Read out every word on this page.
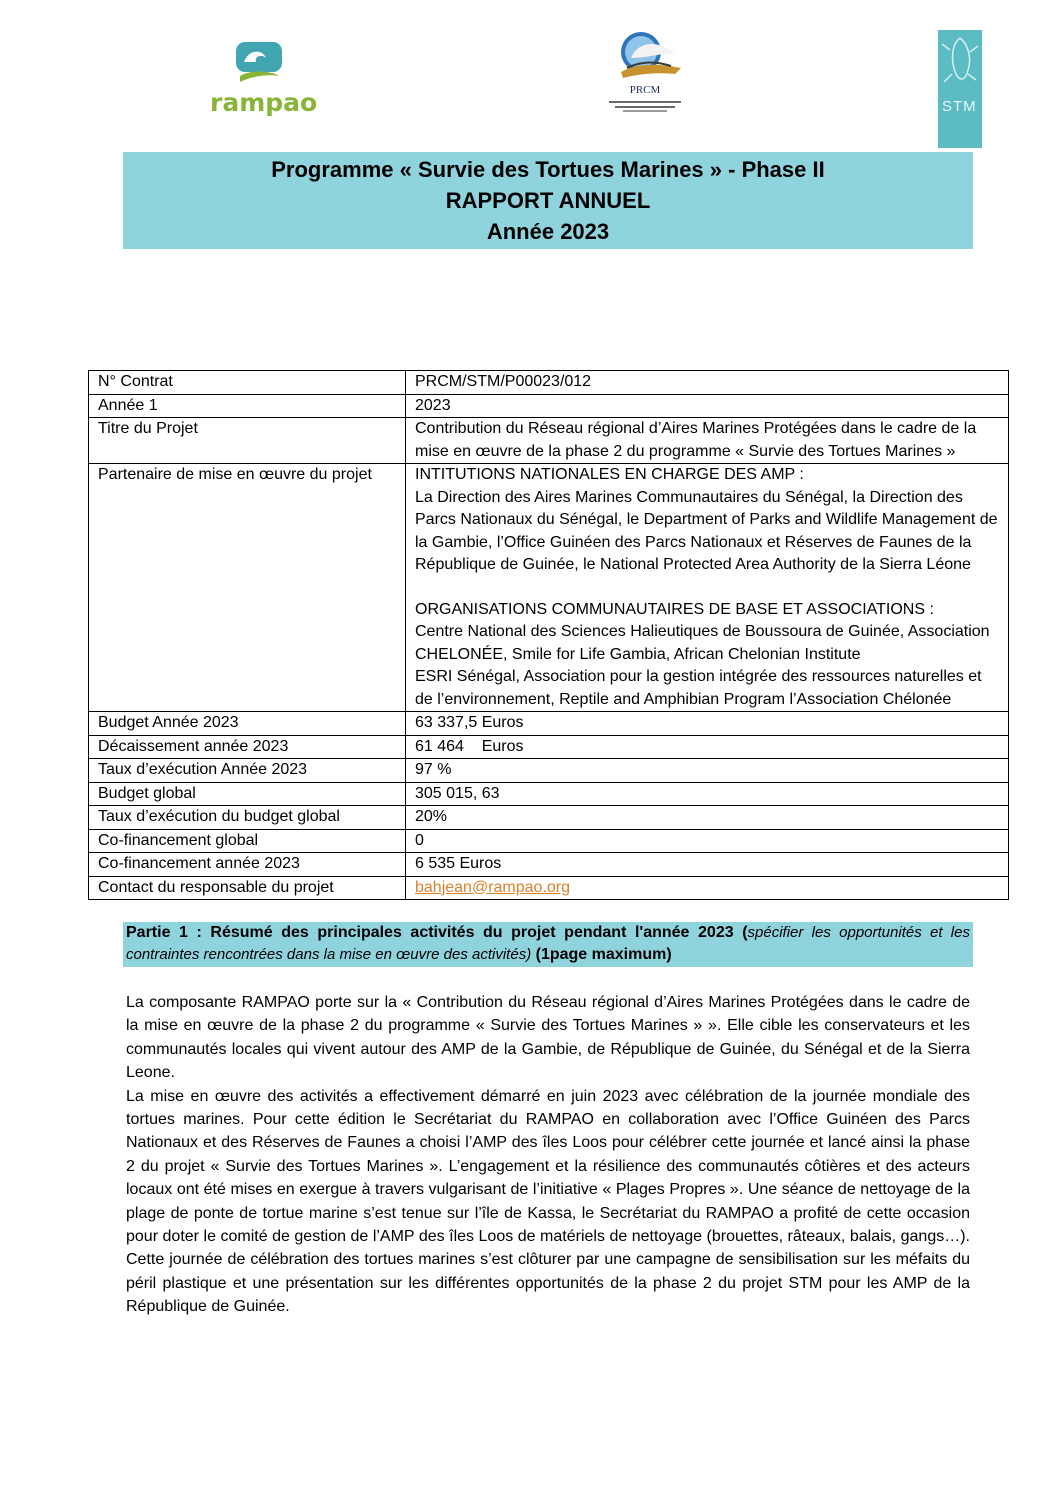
rampao	PRCM
STM

Programme « Survie des Tortues Marines » - Phase II

RAPPORT ANNUEL

Année 2023

N° Contrat	PRCM/STM/P00023/012
Année 1	2023
Titre du Projet	Contribution du Réseau régional d’Aires Marines Protégées dans le cadre de la mise en œuvre de la phase 2 du programme « Survie des Tortues Marines »
Partenaire de mise en œuvre du projet	INTITUTIONS NATIONALES EN CHARGE DES AMP :
La Direction des Aires Marines Communautaires du Sénégal, la Direction des Parcs Nationaux du Sénégal, le Department of Parks and Wildlife Management de la Gambie, l’Office Guinéen des Parcs Nationaux et Réserves de Faunes de la République de Guinée, le National Protected Area Authority de la Sierra Léone
ORGANISATIONS COMMUNAUTAIRES DE BASE ET ASSOCIATIONS :
Centre National des Sciences Halieutiques de Boussoura de Guinée, Association CHELONÉE, Smile for Life Gambia, African Chelonian Institute
ESRI Sénégal, Association pour la gestion intégrée des ressources naturelles et de l’environnement, Reptile and Amphibian Program l’Association Chélonée

Budget Année 2023	63 337,5 Euros
Décaissement année 2023	61 464    Euros
Taux d’exécution Année 2023	97 %
Budget global	305 015, 63
Taux d’exécution du budget global	20%
Co-financement global	0
Co-financement année 2023	6 535 Euros
Contact du responsable du projet	bahjean@rampao.org
Partie 1 : Résumé des principales activités du projet pendant l'année 2023 (spécifier les opportunités et les contraintes rencontrées dans la mise en œuvre des activités) (1page maximum)

La composante RAMPAO porte sur la « Contribution du Réseau régional d’Aires Marines Protégées dans le cadre de la mise en œuvre de la phase 2 du programme « Survie des Tortues Marines » ». Elle cible les conservateurs et les communautés locales qui vivent autour des AMP de la Gambie, de République de Guinée, du Sénégal et de la Sierra Leone.

La mise en œuvre des activités a effectivement démarré en juin 2023 avec célébration de la journée mondiale des tortues marines. Pour cette édition le Secrétariat du RAMPAO en collaboration avec l’Office Guinéen des Parcs Nationaux et des Réserves de Faunes a choisi l’AMP des îles Loos pour célébrer cette journée et lancé ainsi la phase 2 du projet « Survie des Tortues Marines ». L’engagement et la résilience des communautés côtières et des acteurs locaux ont été mises en exergue à travers vulgarisant de l’initiative « Plages Propres ». Une séance de nettoyage de la plage de ponte de tortue marine s’est tenue sur l’île de Kassa, le Secrétariat du RAMPAO a profité de cette occasion pour doter le comité de gestion de l’AMP des îles Loos de matériels de nettoyage (brouettes, râteaux, balais, gangs…). Cette journée de célébration des tortues marines s’est clôturer par une campagne de sensibilisation sur les méfaits du péril plastique et une présentation sur les différentes opportunités de la phase 2 du projet STM pour les AMP de la République de Guinée.
